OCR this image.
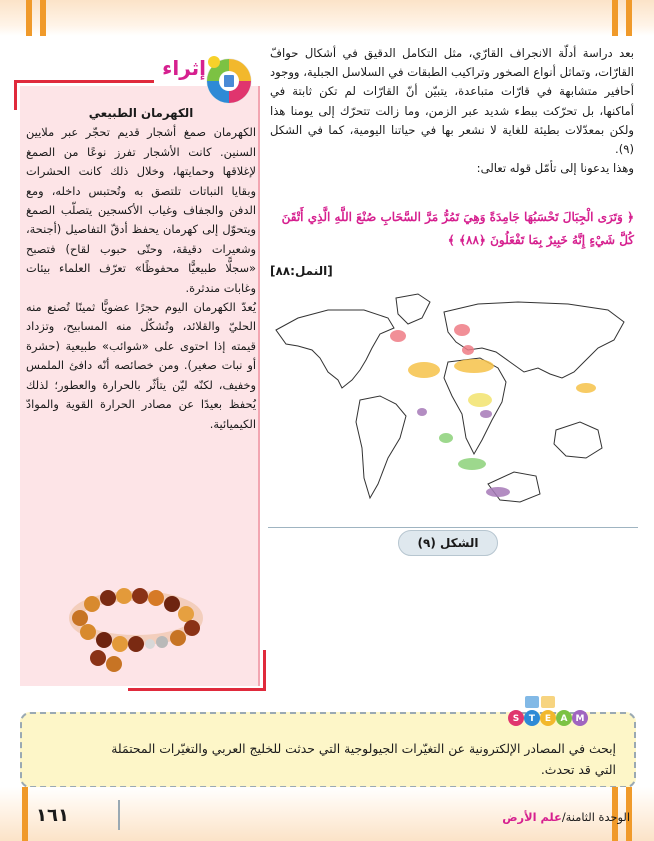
بعد دراسة أدلّة الانجراف القارّي، مثل التكامل الدقيق في أشكال حوافّ القارّات، وتماثل أنواع الصخور وتراكيب الطبقات في السلاسل الجبلية، ووجود أحافير متشابهة في قارّات متباعدة، يتبيّن أنّ القارّات لم تكن ثابتة في أماكنها، بل تحرّكت ببطء شديد عبر الزمن، وما زالت تتحرّك إلى يومنا هذا ولكن بمعدّلات بطيئة للغاية لا نشعر بها في حياتنا اليومية، كما في الشكل (٩).
وهذا يدعونا إلى تأمّل قوله تعالى:
﴿ وَتَرَى الْجِبَالَ تَحْسَبُهَا جَامِدَةً وَهِيَ تَمُرُّ مَرَّ السَّحَابِ صُنْعَ اللَّهِ الَّذِي أَتْقَنَ كُلَّ شَيْءٍ إِنَّهُ خَبِيرٌ بِمَا تَفْعَلُونَ ﴿٨٨﴾ ﴾
[النمل:٨٨]
الشكل (٩)
إثراء
الكهرمان الطبيعي
الكهرمان صمغ أشجار قديم تحجّر عبر ملايين السنين. كانت الأشجار تفرز نوعًا من الصمغ لإغلاقها وحمايتها، وخلال ذلك كانت الحشرات وبقايا النباتات تلتصق به وتُحتبس داخله، ومع الدفن والجفاف وغياب الأكسجين يتصلّب الصمغ ويتحوّل إلى كهرمان يحفظ أدقّ التفاصيل (أجنحة، وشعيرات دقيقة، وحتّى حبوب لقاح) فتصبح «سجلًّا طبيعيًّا محفوظًا» تعرّف العلماء بيئات وغابات مندثرة.
يُعدّ الكهرمان اليوم حجرًا عضويًّا ثمينًا تُصنع منه الحليّ والقلائد، وتُشكّل منه المسابيح، وتزداد قيمته إذا احتوى على «شوائب» طبيعية (حشرة أو نبات صغير). ومن خصائصه أنّه دافئ الملمس وخفيف، لكنّه ليّن يتأثّر بالحرارة والعطور؛ لذلك يُحفظ بعيدًا عن مصادر الحرارة القوية والموادّ الكيميائية.
S T E A M
إبحث في المصادر الإلكترونية عن التغيّرات الجيولوجية التي حدثت للخليج العربي والتغيّرات المحتمَلة التي قد تحدث.
١٦١	الوحدة الثامنة/علم الأرض
